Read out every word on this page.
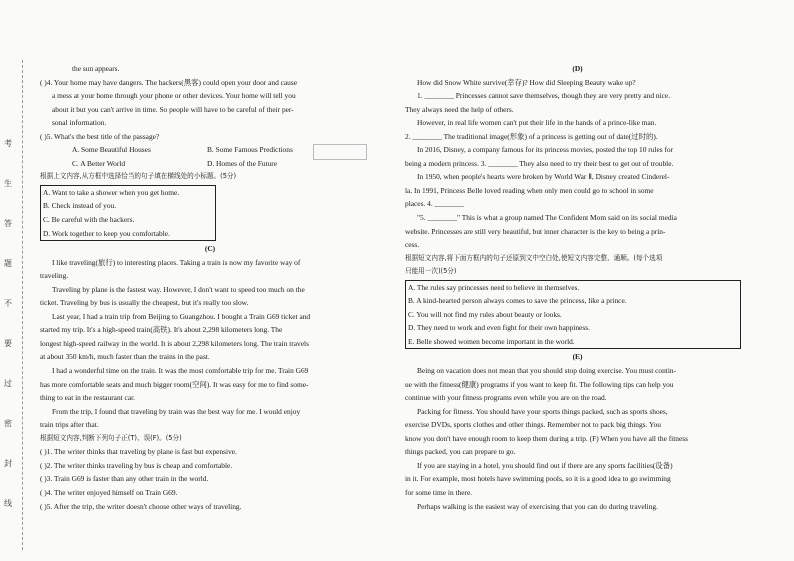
考
生
答
题
不
要
过
密
封
线
the sun appears.
( )4. Your home may have dangers. The hackers(黑客) could open your door and cause
a mess at your home through your phone or other devices. Your home will tell you
about it but you can't arrive in time. So people will have to be careful of their per-
sonal information.
( )5. What's the best title of the passage?
A. Some Beautiful Houses	B. Some Famous Predictions
C. A Better World	D. Homes of the Future
根据上文内容,从方框中选择恰当的句子填在横线处的小标题。(5分)
A. Want to take a shower when you get home.
B. Check instead of you.
C. Be careful with the hackers.
D. Work together to keep you comfortable.
(C)
I like traveling(旅行) to interesting places. Taking a train is now my favorite way of
traveling.
Traveling by plane is the fastest way. However, I don't want to speed too much on the
ticket. Traveling by bus is usually the cheapest, but it's really too slow.
Last year, I had a train trip from Beijing to Guangzhou. I bought a Train G69 ticket and
started my trip. It's a high-speed train(高铁). It's about 2,298 kilometers long. The
longest high-speed railway in the world. It is about 2,298 kilometers long. The train travels
at about 350 km/h, much faster than the trains in the past.
I had a wonderful time on the train. It was the most comfortable trip for me. Train G69
has more comfortable seats and much bigger room(空间). It was easy for me to find some-
thing to eat in the restaurant car.
From the trip, I found that traveling by train was the best way for me. I would enjoy
train trips after that.
根据短文内容,判断下列句子正(T)、误(F)。(5分)
( )1. The writer thinks that traveling by plane is fast but expensive.
( )2. The writer thinks traveling by bus is cheap and comfortable.
( )3. Train G69 is faster than any other train in the world.
( )4. The writer enjoyed himself on Train G69.
( )5. After the trip, the writer doesn't choose other ways of traveling.
(D)
How did Snow White survive(幸存)? How did Sleeping Beauty wake up?
1. ________ Princesses cannot save themselves, though they are very pretty and nice.
They always need the help of others.
However, in real life women can't put their life in the hands of a prince-like man.
2. ________ The traditional image(形象) of a princess is getting out of date(过时的).
In 2016, Disney, a company famous for its princess movies, posted the top 10 rules for
being a modern princess. 3. ________ They also need to try their best to get out of trouble.
In 1950, when people's hearts were broken by World War Ⅱ, Disney created Cinderel-
la. In 1991, Princess Belle loved reading when only men could go to school in some
places. 4. ________
"5. ________" This is what a group named The Confident Mom said on its social media
website. Princesses are still very beautiful, but inner character is the key to being a prin-
cess.
根据短文内容,将下面方框内的句子还原到文中空白处,使短文内容完整、通顺。(每个选项
只能用一次)(5分)
A. The rules say princesses need to believe in themselves.
B. A kind-hearted person always comes to save the princess, like a prince.
C. You will not find my rules about beauty or looks.
D. They need to work and even fight for their own happiness.
E. Belle showed women become important in the world.
(E)
Being on vacation does not mean that you should stop doing exercise. You must contin-
ue with the fitness(健康) programs if you want to keep fit. The following tips can help you
continue with your fitness programs even while you are on the road.
Packing for fitness. You should have your sports things packed, such as sports shoes,
exercise DVDs, sports clothes and other things. Remember not to pack big things. You
know you don't have enough room to keep them during a trip. (F) When you have all the fitness
things packed, you can prepare to go.
If you are staying in a hotel, you should find out if there are any sports facilities(设备)
in it. For example, most hotels have swimming pools, so it is a good idea to go swimming
for some time in there.
Perhaps walking is the easiest way of exercising that you can do during traveling.
